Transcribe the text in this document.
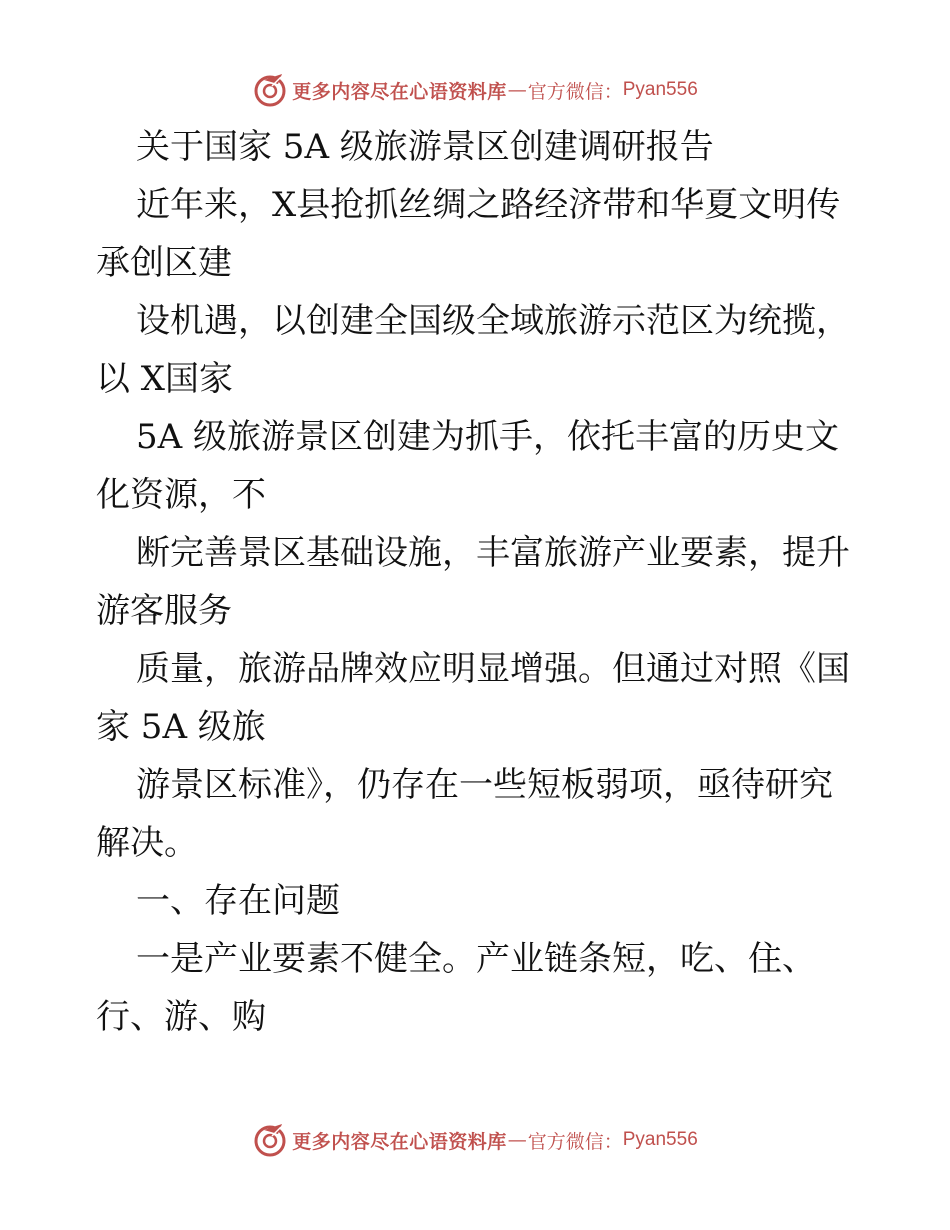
更多内容尽在心语资料库 — 官方微信： Pyan556

关于国家 5A 级旅游景区创建调研报告

近年来，X县抢抓丝绸之路经济带和华夏文明传

承创区建

设机遇，以创建全国级全域旅游示范区为统揽，

以 X国家

5A 级旅游景区创建为抓手，依托丰富的历史文

化资源，不

断完善景区基础设施，丰富旅游产业要素，提升

游客服务

质量，旅游品牌效应明显增强。但通过对照《国

家 5A 级旅

游景区标准》，仍存在一些短板弱项，亟待研究

解决。

一、存在问题

一是产业要素不健全。产业链条短，吃、住、

行、游、购

更多内容尽在心语资料库 — 官方微信： Pyan556
